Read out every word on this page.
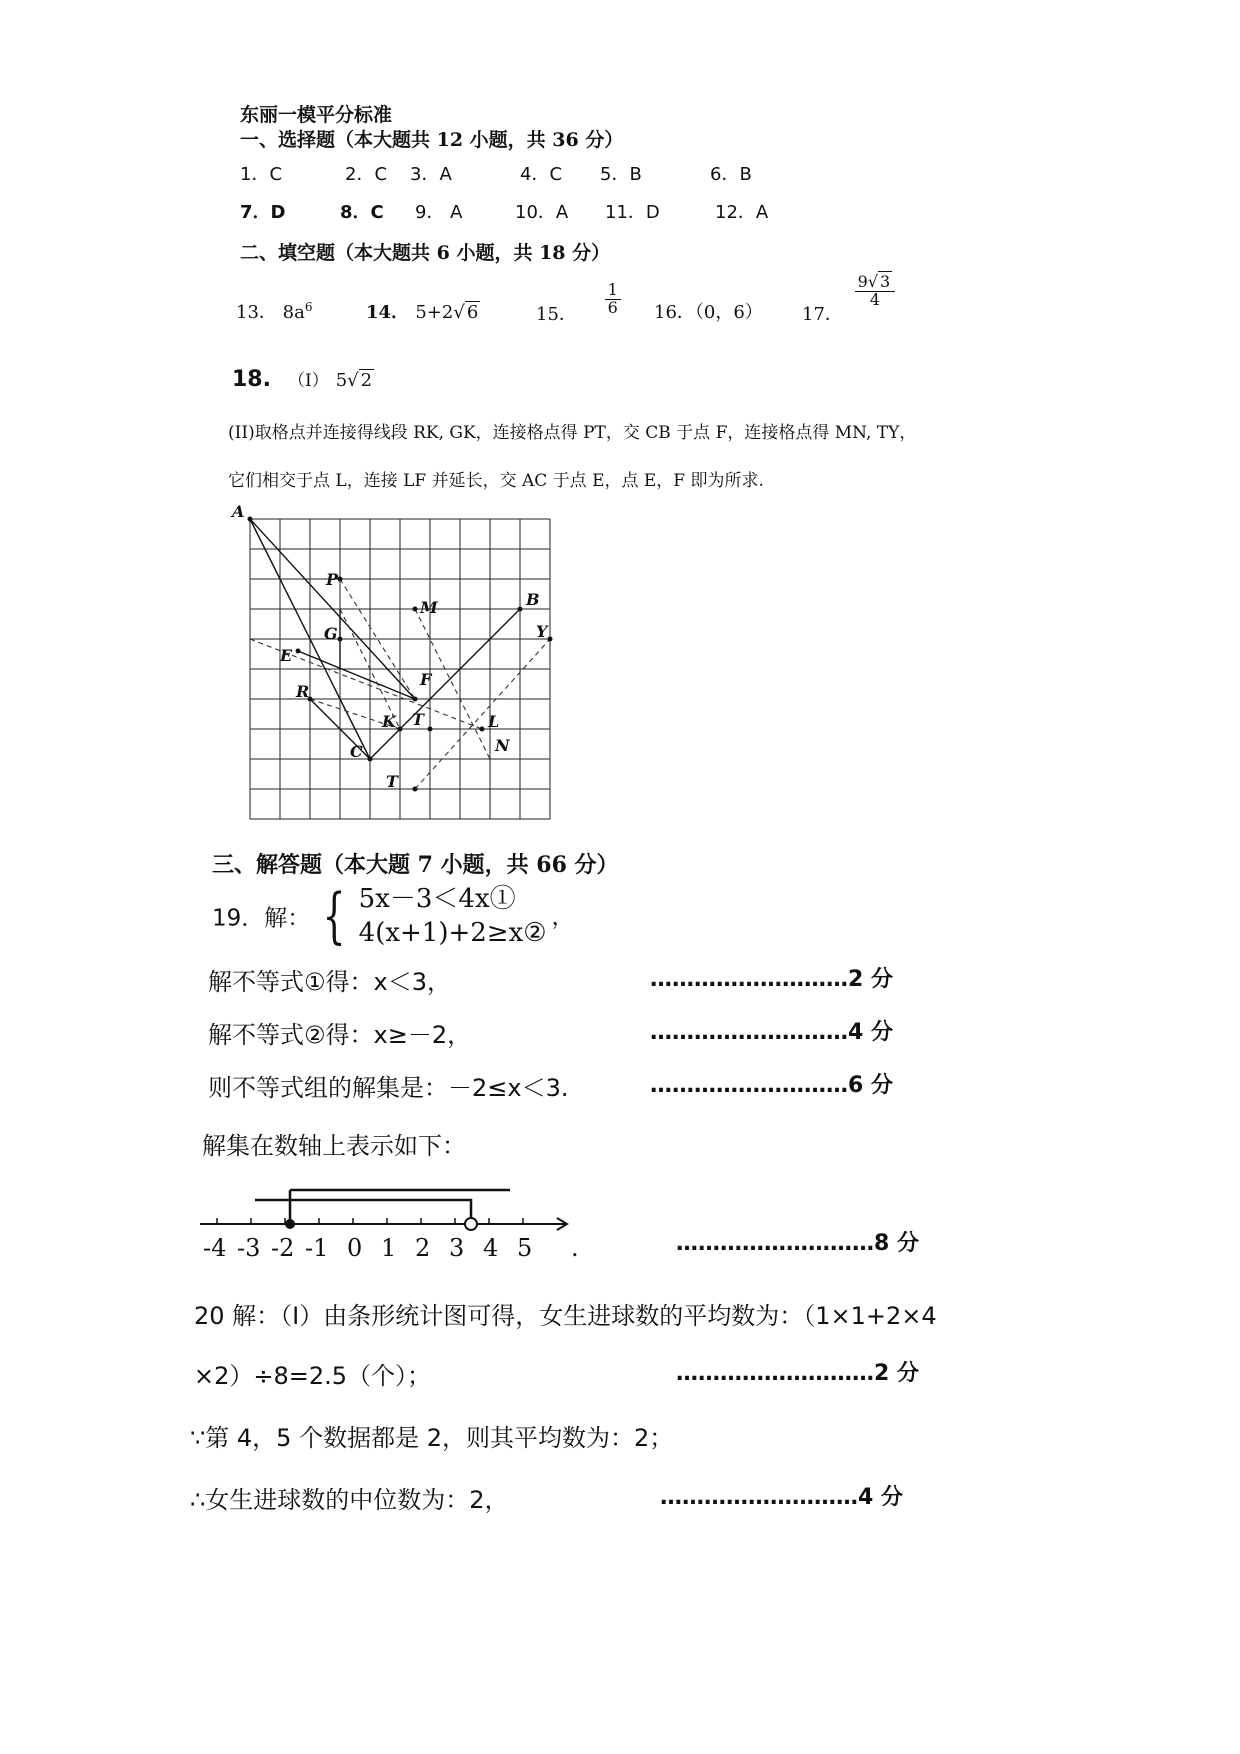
东丽一模平分标准
一、选择题（本大题共 12 小题，共 36 分）
1．C	2．C 3．A	4．C 5．B	6．B
7．D	8．C 9． A	10．A 11．D	12．A
二、填空题（本大题共 6 小题，共 18 分）
13． $8a^6$	14． 5+2√ 6	15． $\frac{1}{6} 16$．（0，6） 17．
$\frac{9√ 3}{4}$
18. （I） 5√ 2
(II)取格点并连接得线段 RK, GK，连接格点得 PT，交 CB 于点 F，连接格点得 MN, TY，
它们相交于点 L，连接 LF 并延长，交 AC 于点 E，点 E，F 即为所求.
A
P
B
M
G	Y
E
F
R
K T	L
N
C
T
三、解答题（本大题 7 小题，共 66 分）
19．解： { 5x－3＜4x①
4(x+1)+2≥x② ，
解不等式①得：x＜3，	………………………2 分
解不等式②得：x≥－2，	………………………4 分
则不等式组的解集是：－2≤x＜3.	………………………6 分
解集在数轴上表示如下：
-4 -3 -2 -1 0 1 2 3 4 5 .	………………………8 分
20 解：（Ⅰ）由条形统计图可得，女生进球数的平均数为：（1×1+2×4
×2）÷8=2.5（个）；	………………………2 分
∵第 4，5 个数据都是 2，则其平均数为：2；
∴女生进球数的中位数为：2，	………………………4 分
